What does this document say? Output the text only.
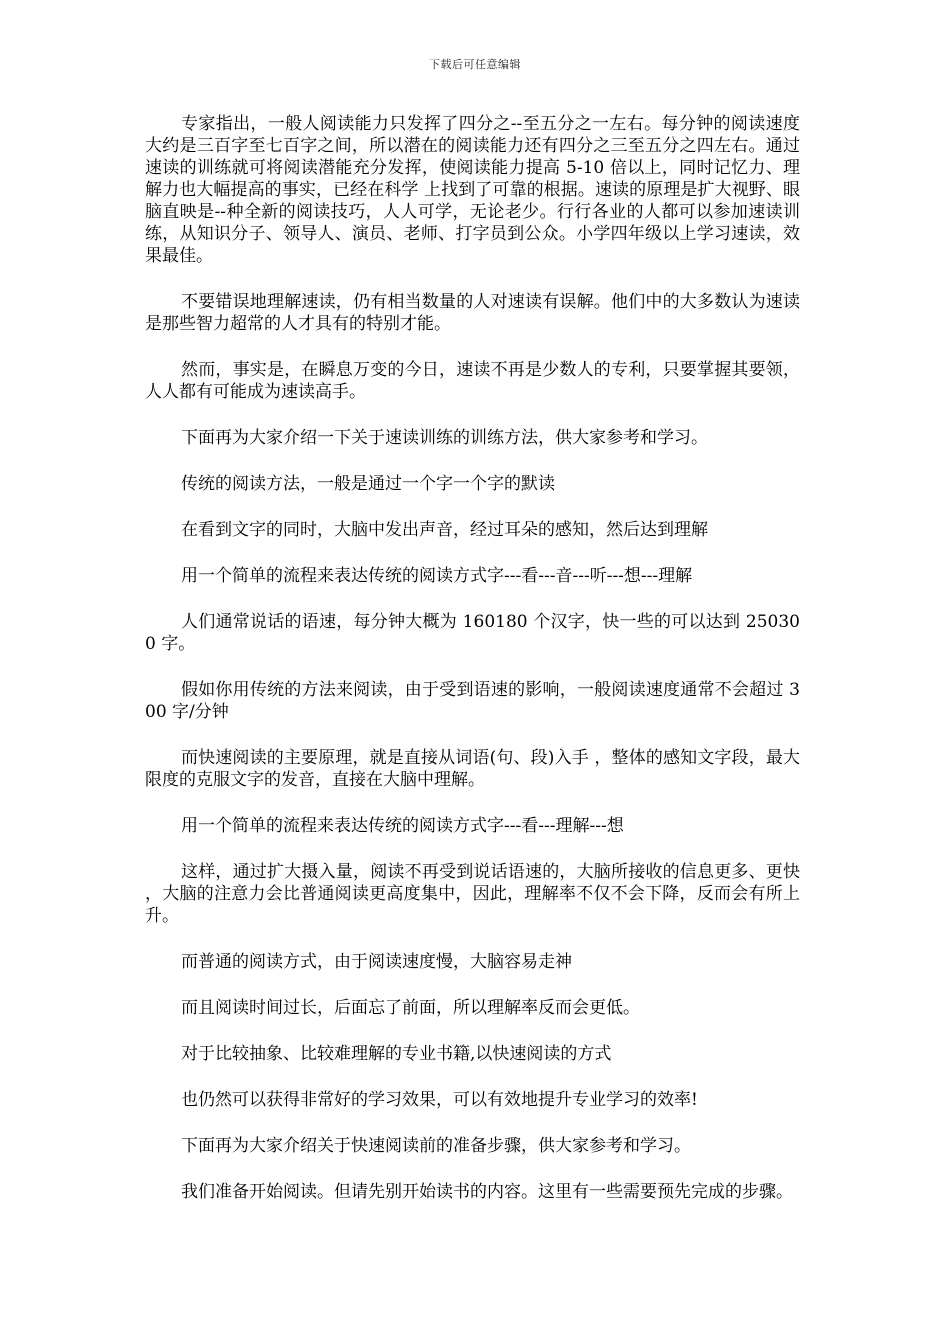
下载后可任意编辑

专家指出，一般人阅读能力只发挥了四分之--至五分之一左右。每分钟的阅读速度大约是三百字至七百字之间，所以潜在的阅读能力还有四分之三至五分之四左右。通过速读的训练就可将阅读潜能充分发挥，使阅读能力提高 5-10 倍以上，同时记忆力、理解力也大幅提高的事实，已经在科学 上找到了可靠的根据。速读的原理是扩大视野、眼脑直映是--种全新的阅读技巧，人人可学，无论老少。行行各业的人都可以参加速读训练，从知识分子、领导人、演员、老师、打字员到公众。小学四年级以上学习速读，效果最佳。

不要错误地理解速读，仍有相当数量的人对速读有误解。他们中的大多数认为速读是那些智力超常的人才具有的特别才能。

然而，事实是，在瞬息万变的今日，速读不再是少数人的专利，只要掌握其要领，人人都有可能成为速读高手。

下面再为大家介绍一下关于速读训练的训练方法，供大家参考和学习。

传统的阅读方法，一般是通过一个字一个字的默读

在看到文字的同时，大脑中发出声音，经过耳朵的感知，然后达到理解

用一个简单的流程来表达传统的阅读方式字---看---音---听---想---理解

人们通常说话的语速，每分钟大概为 160180 个汉字，快一些的可以达到 250300 字。

假如你用传统的方法来阅读，由于受到语速的影响，一般阅读速度通常不会超过 300 字/分钟

而快速阅读的主要原理，就是直接从词语(句、段)入手 ，整体的感知文字段，最大限度的克服文字的发音，直接在大脑中理解。

用一个简单的流程来表达传统的阅读方式字---看---理解---想

这样，通过扩大摄入量，阅读不再受到说话语速的，大脑所接收的信息更多、更快 ，大脑的注意力会比普通阅读更高度集中，因此，理解率不仅不会下降，反而会有所上升。

而普通的阅读方式，由于阅读速度慢，大脑容易走神

而且阅读时间过长，后面忘了前面，所以理解率反而会更低。

对于比较抽象、比较难理解的专业书籍,以快速阅读的方式

也仍然可以获得非常好的学习效果，可以有效地提升专业学习的效率!

下面再为大家介绍关于快速阅读前的准备步骤，供大家参考和学习。

我们准备开始阅读。但请先别开始读书的内容。这里有一些需要预先完成的步骤。
